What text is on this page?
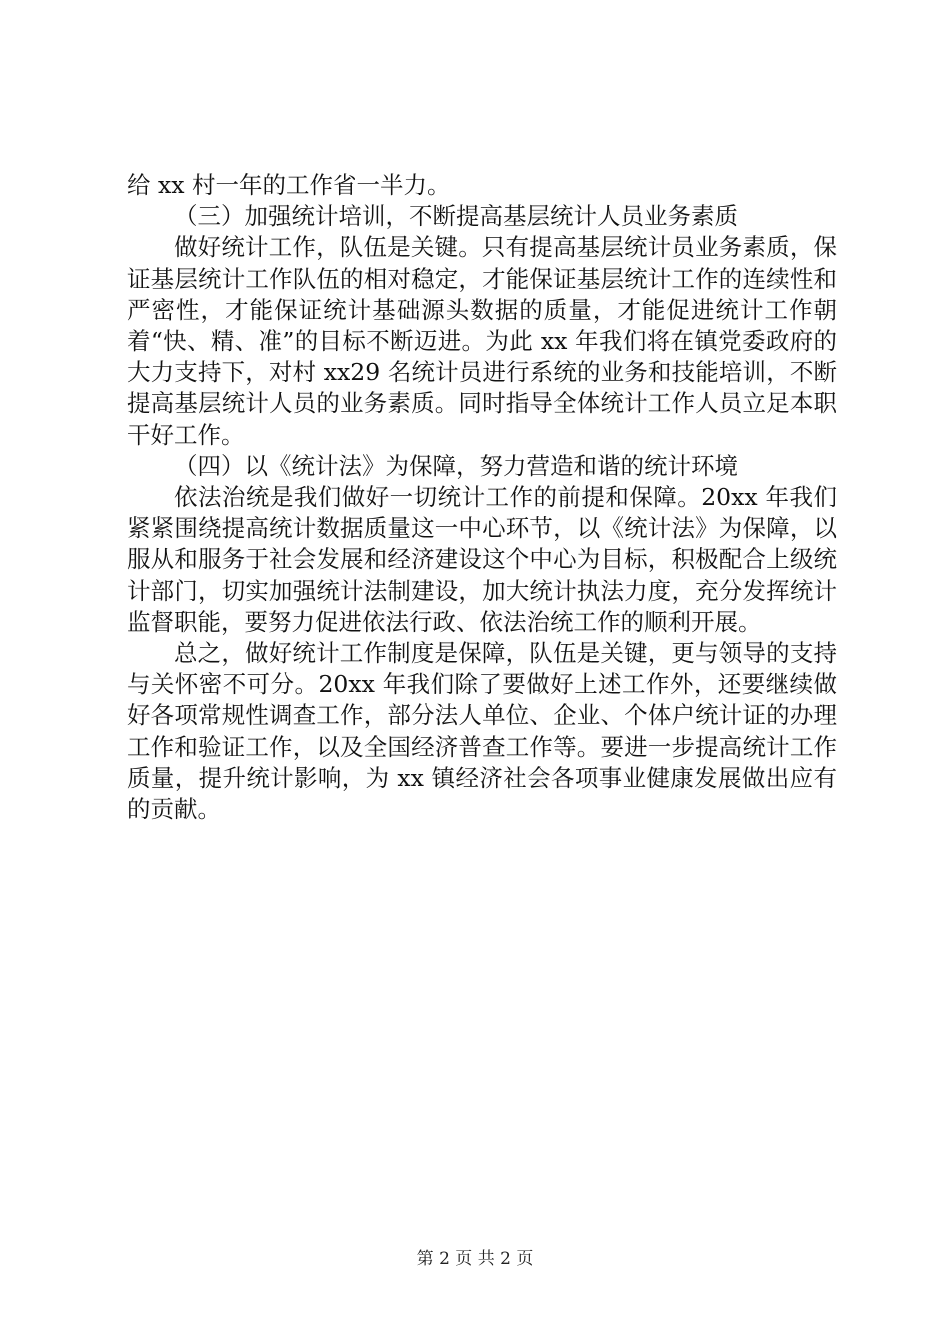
给 xx 村一年的工作省一半力。

（三）加强统计培训，不断提高基层统计人员业务素质

做好统计工作，队伍是关键。只有提高基层统计员业务素质，保证基层统计工作队伍的相对稳定，才能保证基层统计工作的连续性和严密性，才能保证统计基础源头数据的质量，才能促进统计工作朝着“快、精、准”的目标不断迈进。为此 xx 年我们将在镇党委政府的大力支持下，对村 xx29 名统计员进行系统的业务和技能培训，不断提高基层统计人员的业务素质。同时指导全体统计工作人员立足本职干好工作。

（四）以《统计法》为保障，努力营造和谐的统计环境

依法治统是我们做好一切统计工作的前提和保障。20xx 年我们紧紧围绕提高统计数据质量这一中心环节，以《统计法》为保障，以服从和服务于社会发展和经济建设这个中心为目标，积极配合上级统计部门，切实加强统计法制建设，加大统计执法力度，充分发挥统计监督职能，要努力促进依法行政、依法治统工作的顺利开展。

总之，做好统计工作制度是保障，队伍是关键，更与领导的支持与关怀密不可分。20xx 年我们除了要做好上述工作外，还要继续做好各项常规性调查工作，部分法人单位、企业、个体户统计证的办理工作和验证工作，以及全国经济普查工作等。要进一步提高统计工作质量，提升统计影响，为 xx 镇经济社会各项事业健康发展做出应有的贡献。

第 2 页 共 2 页
